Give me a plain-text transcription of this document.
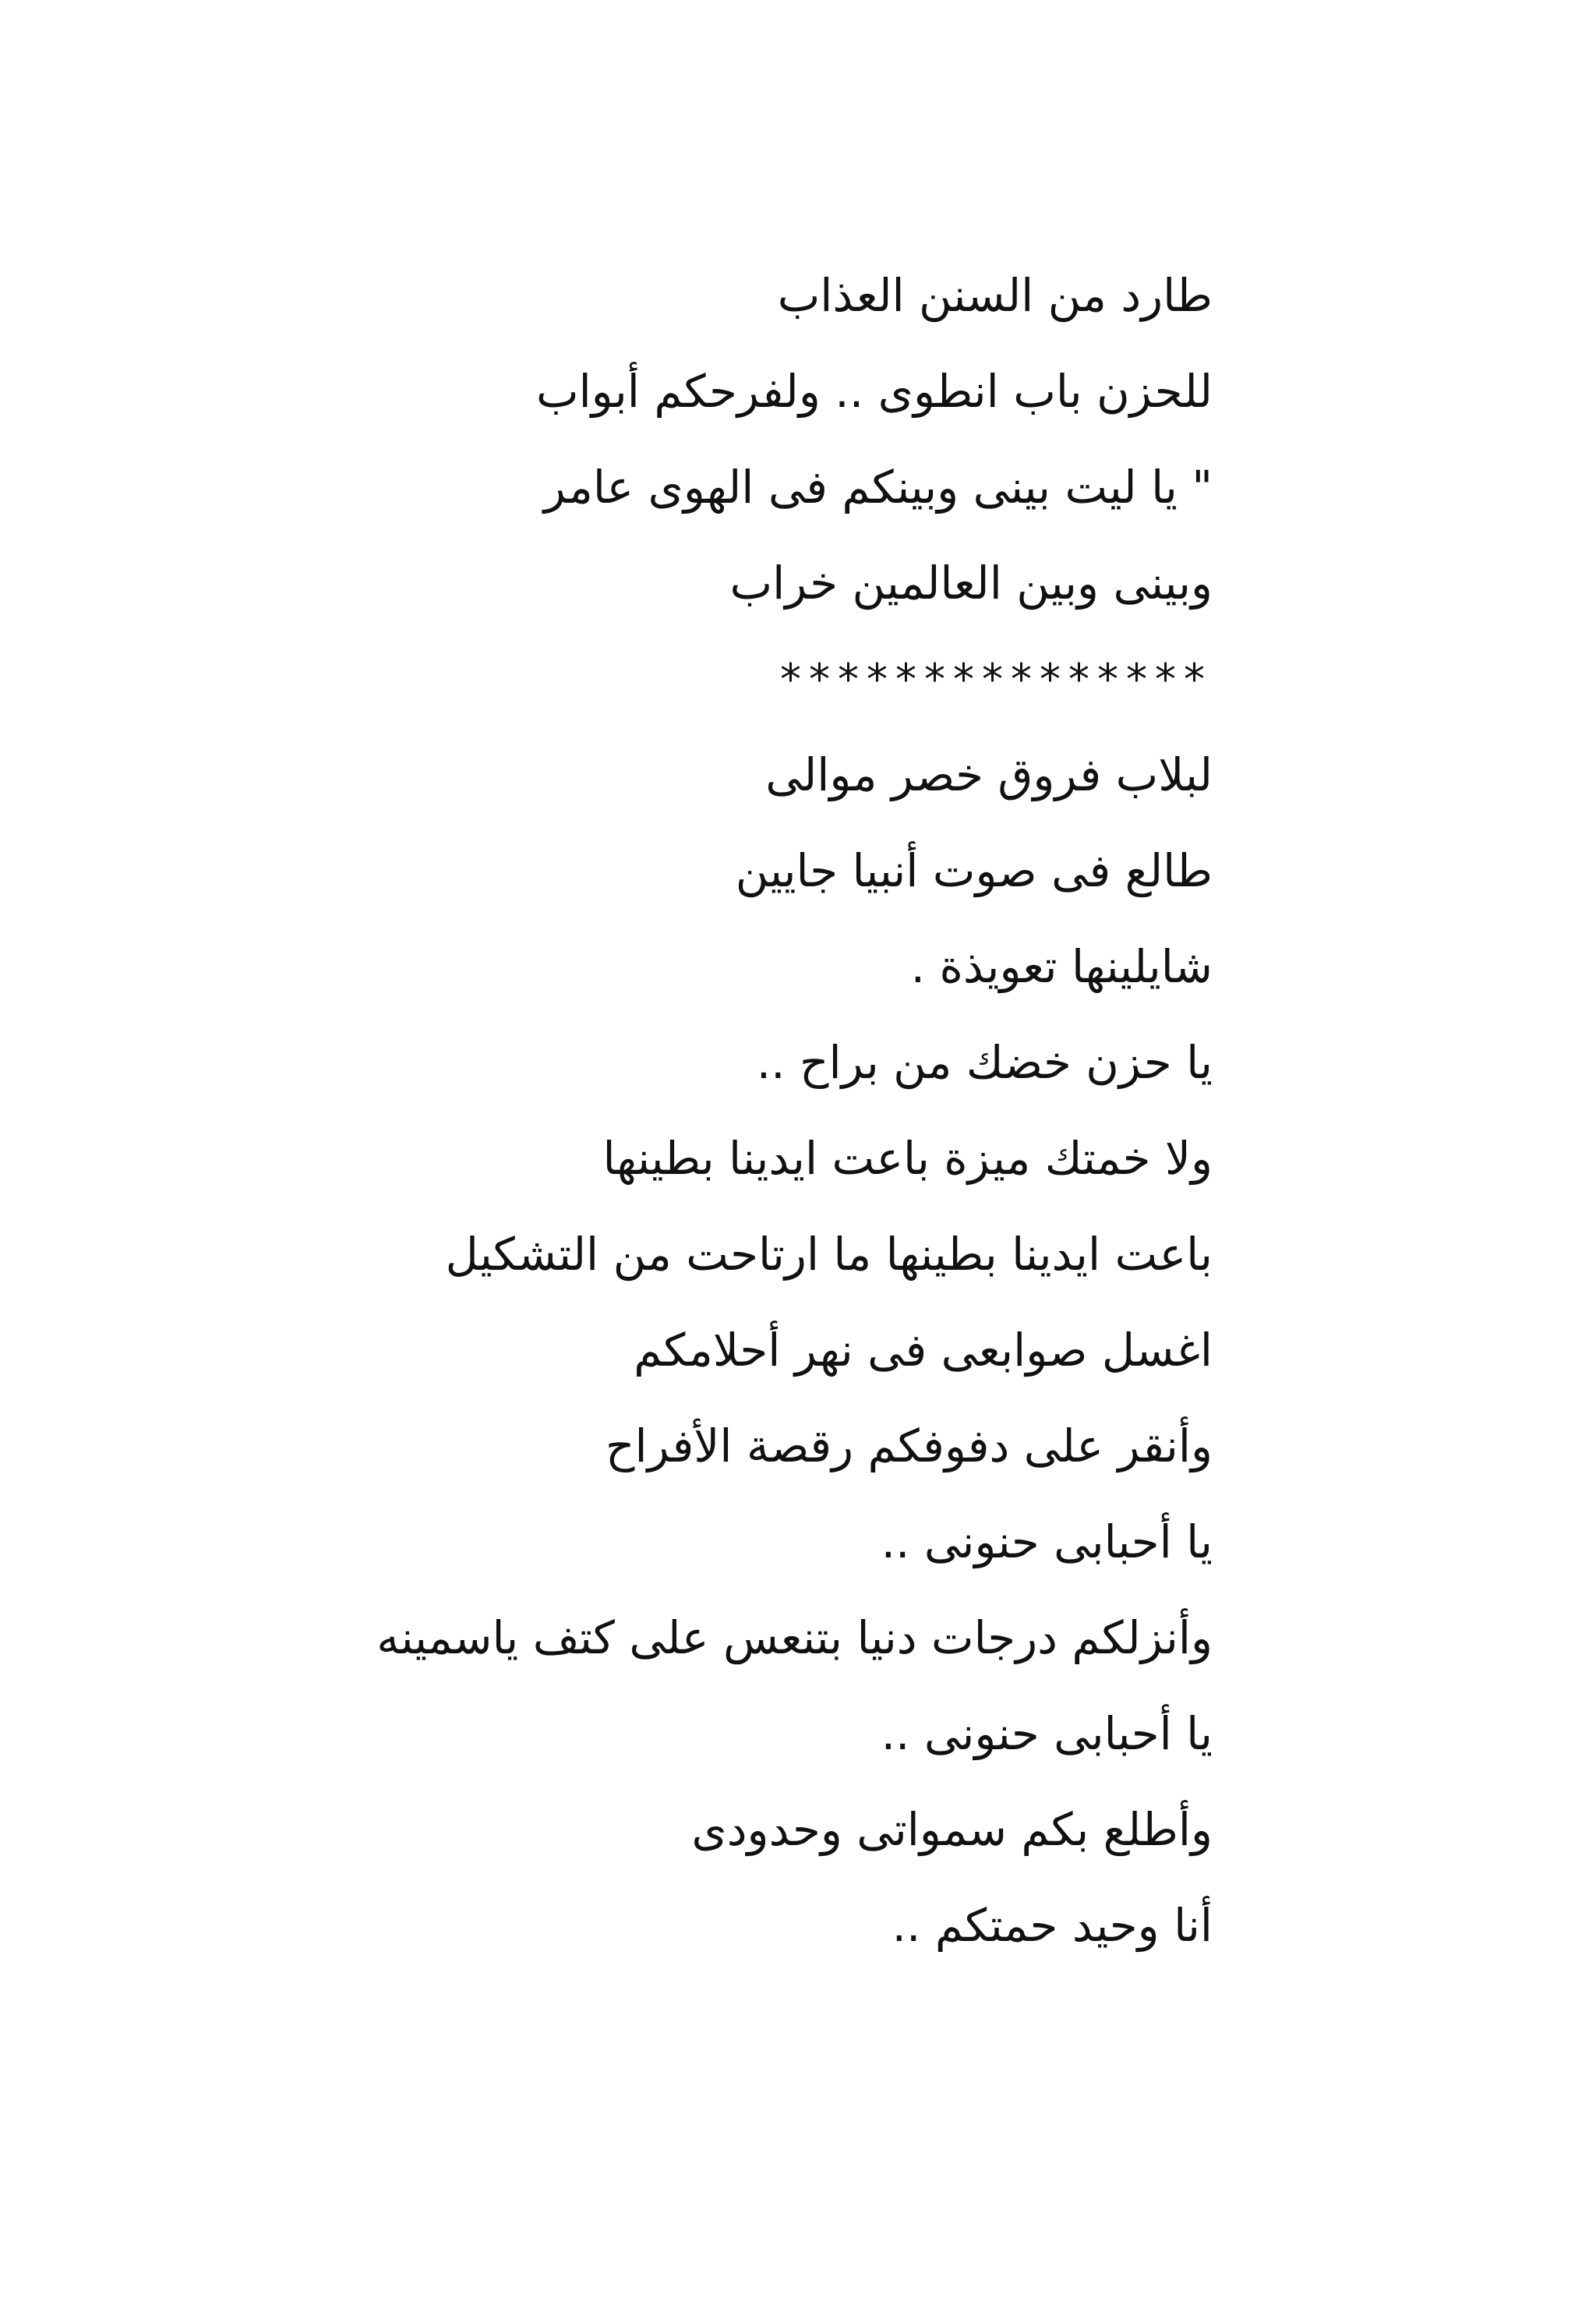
طارد من السنن العذاب
للحزن باب انطوى .. ولفرحكم أبواب
" يا ليت بينى وبينكم فى الهوى عامر
وبينى وبين العالمين خراب
***************
لبلاب فروق خصر موالى
طالع فى صوت أنبيا جايين
شايلينها تعويذة .
يا حزن خضك من براح ..
ولا خمتك ميزة باعت ايدينا بطينها
باعت ايدينا بطينها ما ارتاحت من التشكيل
اغسل صوابعى فى نهر أحلامكم
وأنقر على دفوفكم رقصة الأفراح
يا أحبابى حنونى ..
وأنزلكم درجات دنيا بتنعس على كتف ياسمينه
يا أحبابى حنونى ..
وأطلع بكم سمواتى وحدودى
أنا وحيد حمتكم ..
